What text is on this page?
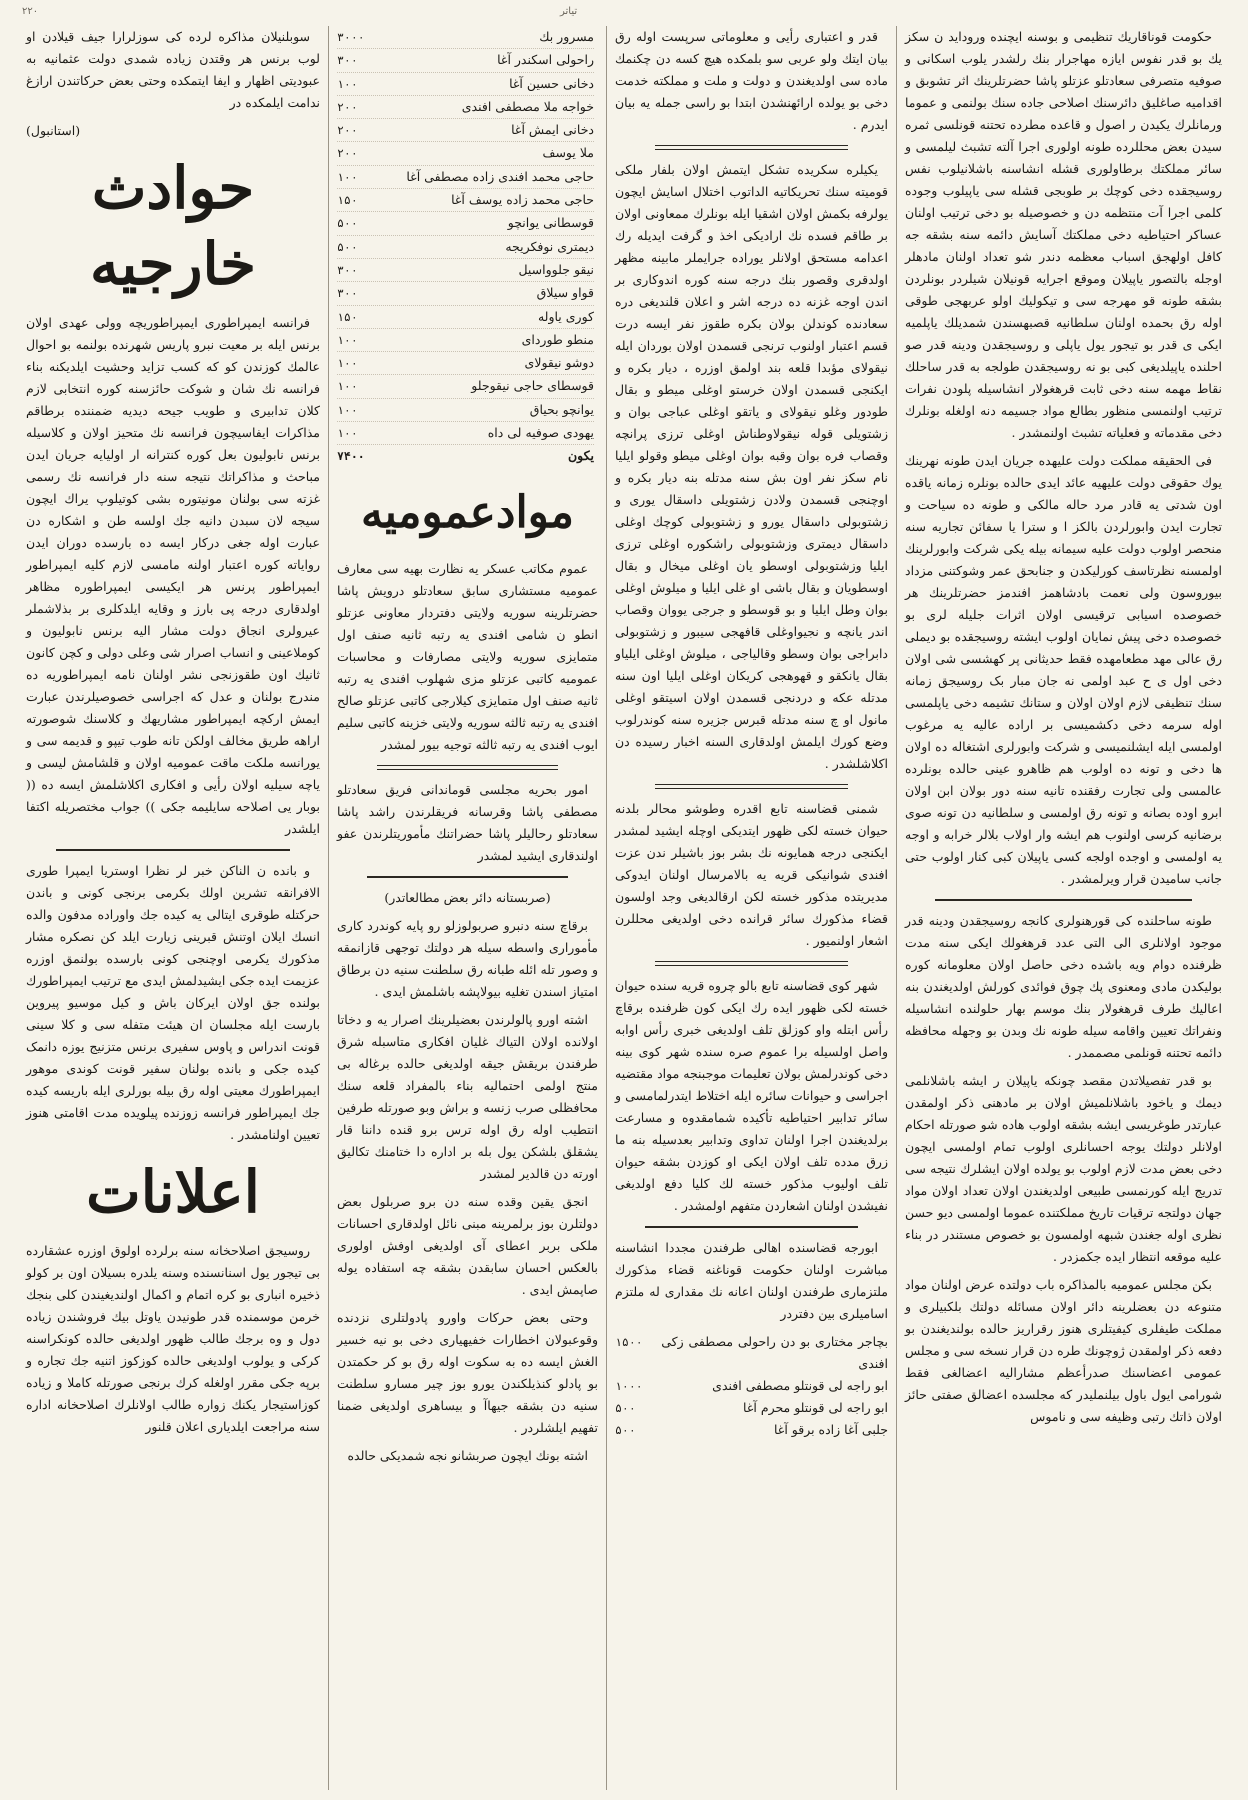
۲۲۰	تیاتر

حکومت قوناقاریك تنظیمی و بوسنه ایچنده وروداید ن سکز یك بو قدر نفوس ایازه مهاجرار بنك رلشدر یلوب اسکانی و صوفیه متصرفی سعادتلو عزتلو پاشا حضرتلرینك اثر تشوبق و اقدامیه صاغلیق دائرسنك اصلاحی جاده سنك بولنمی و عموما ورمانلرك یکیدن ر اصول و قاعده مطرده تحتنه قونلسی ثمره سیدن بعض محللرده طونه اولوری اجرا آلته تشبث لیلمسی و سائر مملکتك برطاولوری قشله انشاسنه باشلانیلوب نفس روسیجقده دخی کوچك بر طوبجی قشله سی یاپیلوب وجوده کلمی اجرا آت منتظمه دن و خصوصیله بو دخی ترتیب اولنان عساکر احتیاطیه دخی مملکتك آسایش دائمه سنه بشقه جه کافل اولهجق اسباب معظمه دندر شو تعداد اولنان مادهلر اوجله بالتصور یاپیلان وموقع اجرایه قونیلان شیلردر بونلردن بشقه طونه قو مهرجه سی و تیکولیك اولو عربهجی طوقی اوله رق بحمده اولنان سلطانیه قصبهسندن شمدیلك یاپلمیه ایکی ی قدر بو تیجور یول یاپلی و روسیجقدن ودینه قدر صو احلنده یاپیلدیغی کبی بو نه روسیجقدن طولجه به قدر ساحلك نقاط مهمه سنه دخی ثابت قرهغولار انشاسیله پلودن نفرات ترتیب اولنمسی منظور بطالع مواد جسیمه دنه اولغله بونلرك دخی مقدماته و فعلیاته تشبث اولنمشدر .

فی الحقیقه مملکت دولت علیهده جریان ایدن طونه نهرینك یوك حقوقی دولت علیهیه عائد ایدی حالده بونلره زمانه یاقده اون شدتی یه قادر مرد حاله مالکی و طونه ده سیاحت و تجارت ایدن وابورلردن بالکز ا و سترا یا سفائن تجاریه سنه منحصر اولوب دولت علیه سیمانه بیله یکی شرکت وابورلرینك اولمسنه نظرتاسف کورلیکدن و جنابحق عمر وشوکتنی مزداد بیوروسون ولی نعمت بادشاهمز افندمز حضرتلرینك هر خصوصده اسیابی ترقیسی اولان اثرات جلیله لری بو خصوصده دخی پیش نمایان اولوب ایشته روسیجقده بو دیملی رق عالی مهد مطعامهده فقط حدیثانی پر کهشسی شی اولان دخی اول ی ح عبد اولمی نه جان مبار بک روسیجق زمانه سنك تنظیفی لازم اولان اولان و ستانك تشیمه دخی یاپلمسی اوله سرمه دخی دکشمیسی بر اراده عالیه یه مرغوب اولمسی ایله ایشلنمیسی و شرکت وابورلری اشتغاله ده اولان ها دخی و تونه ده اولوب هم ظاهرو عینی حالده بونلرده عالمسی ولی تجارت رفقنده تانیه سنه دور بولان ابن اولان ابرو اوده بصانه و تونه رق اولمسی و سلطانیه دن تونه صوی برضانیه کرسی اولنوب هم ایشه وار اولاب بلالر خرابه و اوجه یه اولمسی و اوجده اولجه کسی یاپیلان کبی کنار اولوب حتی جانب سامیدن قرار ویرلمشدر .

طونه ساحلنده کی قورهنولری کانجه روسیجقدن ودینه قدر موجود اولانلری الی التی عدد قرهغولك ایکی سنه مدت ظرفنده دوام ویه باشده دخی حاصل اولان معلومانه کوره بولیکدن مادی ومعنوی پك چوق فوائدی کورلش اولدیغندن بنه اعالیك طرف قرهغولار بنك موسم بهار حلولنده انشاسیله ونفراتك تعیین واقامه سیله طونه نك وبدن بو وجهله محافظه دائمه تحتنه قونلمی مصممدر .

بو قدر تفصیلاتدن مقصد چونکه یاپیلان ر ایشه باشلانلمی دیمك و یاخود باشلانلمیش اولان بر مادهنی ذکر اولمقدن عبارتدر طوغریسی ایشه بشقه اولوب هاده شو صورتله احکام اولانلر دولتك یوجه احسانلری اولوب تمام اولمسی ایچون دخی بعض مدت لازم اولوب بو یولده اولان ایشلرك نتیجه سی تدریج ایله کورنمسی طبیعی اولدیغندن اولان تعداد اولان مواد جهان دولتجه ترقیات تاریخ مملکتنده عموما اولمسی دیو حسن نظری اوله جغندن شبهه اولمسون بو خصوص مستندر در بناء علیه موقعه انتظار ایده جکمزدر .

بکن مجلس عمومیه بالمذاکره باب دولتده عرض اولنان مواد متنوعه دن بعضلرینه دائر اولان مسائله دولتك بلکبیلری و مملکت طیفلری کیفیتلری هنوز رقراریز حالده بولندیغندن بو دفعه ذکر اولمقدن ژوچونك طره دن قرار نسخه سی و مجلس عمومی اعضاسنك صدرأعظم مشارالیه اعضالغی فقط شورامی ایول باول بیلنملیدر که مجلسده اعضالق صفتی حائز اولان ذاتك رتبی وظیفه سی و ناموس

قدر و اعتباری رأیی و معلوماتی سرپست اوله رق بیان ایتك ولو عربی سو بلمکده هیچ کسه دن چکنمك ماده سی اولدیغندن و دولت و ملت و مملکته خدمت دخی بو یولده ارائهنشدن ابتدا بو راسی جمله یه بیان ایدرم .

یکیلره سکریده تشکل ایتمش اولان بلفار ملکی قومیته سنك تحریکاتیه الداتوب اختلال اسایش ایچون یولرفه بکمش اولان اشقیا ایله بونلرك ممعاونی اولان بر طاقم فسده نك ارادیکی اخذ و گرفت ایدیله رك اعدامه مستحق اولانلر یوراده جرایملر مابینه مظهر اولدقری وقصور بنك درجه سنه کوره اندوکاری بر اندن اوجه غزنه ده درجه اشر و اعلان قلندیغی دره سعادنده کوندلن بولان بکره طقوز نفر ایسه درت قسم اعتبار اولنوب ترنجی قسمدن اولان بوردان ایله نیقولای مؤبدا قلعه بند اولمق اوزره ، دیار بکره و ایکنجی قسمدن اولان خرستو اوغلی میطو و بقال طودور وغلو نیقولای و یاتقو اوغلی عباجی بوان و زشتویلی قوله نیقولاوطناش اوغلی ترزی پرانچه وقصاب فره بوان وقبه بوان اوغلی میطو وقولو ایلیا نام سکز نفر اون بش سنه مدتله بنه دیار بکره و اوچنجی قسمدن ولادن زشتویلی داسقال یوری و زشتوبولی داسقال یورو و زشتوبولی کوچك اوغلی داسقال دیمتری وزشتوبولی راشکوره اوغلی ترزی ایلیا وزشتوبولی اوسطو یان اوغلی میخال و بقال اوسطویان و بقال باشی او غلی ایلیا و میلوش اوغلی بوان وطل ایلیا و بو قوسطو و جرجی یووان وقصاب اندر یانچه و نجیواوغلی قافهجی سیبور و زشتوبولی دابراجی بوان وسطو وقالیاجی ، میلوش اوغلی ایلیاو بقال یانکقو و قهوهجی کریکان اوغلی ایلیا اون سنه مدتله عکه و دردنجی قسمدن اولان اسیتقو اوغلی مانول او چ سنه مدتله قبرس جزیره سنه کوندرلوب وضع کورك ایلمش اولدقاری السنه اخبار رسیده دن اکلاشلشدر .

شمنی قضاسنه تابع اقدره وطوشو محالر بلدنه حیوان خسته لکی ظهور ایتدیکی اوچله ایشید لمشدر ایکنجی درجه همایونه نك بشر بوز باشیلر ندن عزت افندی شوانیکی قریه یه بالامرسال اولنان ایدوكی مدیریتده مذکور خسته لکن ارقالدیغی وجد اولسون قضاء مذکورك سائر قرانده دخی اولدیغی محللرن اشعار اولنمیور .

شهر کوی قضاسنه تابع بالو چروه قریه سنده حیوان خسته لکی ظهور ایده رك ایکی کون ظرفنده برقاچ رأس ابتله واو کوزلق تلف اولدیغی خبری رأس اوابه واصل اولسیله برا عموم صره سنده شهر کوی بینه دخی کوندرلمش بولان تعلیمات موجبنجه مواد مقتضیه اجراسی و حیوانات سائره ایله اختلاط ایتدرلمامسی و سائر تدابیر احتیاطیه تأکیده شمامقدوه و مسارعت برلدیغندن اجرا اولنان تداوی وتدابیر بعدسیله بنه ما زرق مدده تلف اولان ایکی او کوزدن بشقه حیوان تلف اولیوب مذکور خسته لك کلیا دفع اولدیغی نفیشدن اولنان اشعاردن متفهم اولمشدر .

ابورجه قضاسنده اهالی طرفندن مجددا انشاسنه مباشرت اولنان حکومت قوناغنه قضاء مذکورك ملتزماری طرفندن اولنان اعانه نك مقداری له ملتزم اسامیلری بین دفتردر

بچاجر مختاری بو دن راحولی مصطفی زکی افندی
۱۵۰۰
ابو راجه لی قونتلو مصطفی افندی
۱۰۰۰
ابو راجه لی قونتلو محرم آغا
۵۰۰
جلبی آغا زاده برقو آغا
۵۰۰
مسرور بك
۳۰۰۰
راحولی اسکندر آغا
۳۰۰
دخانی حسین آغا
۱۰۰
خواجه ملا مصطفی افندی
۲۰۰
دخانی ایمش آغا
۲۰۰
ملا یوسف
۲۰۰
حاجی محمد افندی زاده مصطفی آغا
۱۰۰
حاجی محمد زاده یوسف آغا
۱۵۰
قوسطانی یوانچو
۵۰۰
دیمتری نوفکریجه
۵۰۰
نیقو جلوواسیل
۳۰۰
قواو سیلاق
۳۰۰
کوری یاوله
۱۵۰
منطو طوردای
۱۰۰
دوشو نیقولای
۱۰۰
قوسطای حاجی نیقوجلو
۱۰۰
یوانچو بحیاق
۱۰۰
یهودی صوفیه لی داه
۱۰۰
یکون
۷۴۰۰
موادعمومیه

عموم مکاتب عسکر یه نظارت بهیه سی معارف عمومیه مستشاری سابق سعادتلو درویش پاشا حضرتلرینه سوریه ولایتی دفتردار معاونی عزتلو انطو ن شامی افندی یه رتبه ثانیه صنف اول متمایزی سوریه ولایتی مصارفات و محاسبات عمومیه کاتبی عزتلو مزی شهلوب افندی یه رتبه ثانیه صنف اول متمایزی کیلارجی کاتبی عزتلو صالح افندی یه رتبه ثالثه سوریه ولایتی خزینه کاتبی سلیم ایوب افندی یه رتبه ثالثه توجیه بیور لمشدر

امور بحریه مجلسی قوماندانی فریق سعادتلو مصطفی پاشا وقرسانه فریقلرندن راشد پاشا سعادتلو رحالیلر پاشا حضراتنك مأموریتلرندن عفو اولندقاری ایشید لمشدر

(صربستانه دائر بعض مطالعاتدر)

برقاچ سنه دنبرو صربولوزلو رو پایه کوندرد کاری مأموراری واسطه سیله هر دولتك توجهی قازانمقه و وصور تله ائله طبانه رق سلطنت سنیه دن برطاق امتیاز اسندن تغلیه بیولاپشه باشلمش ایدی .

اشته اورو پالولرندن بعضیلرینك اصرار یه و دخاتا اولانده اولان التیاك غلیان افکاری متاسبله شرق طرفندن بریقش جیقه اولدیغی حالده برغاله بی منتج اولمی احتمالیه بناء بالمفراد قلعه سنك محافظلی صرب زنسه و براش وبو صورتله طرفین انتطیب اوله رق اوله ترس برو قنده داننا قار یشقلق بلشکن یول بله بر اداره دا ختامنك تکالیق اورته دن قالدیر لمشدر

انجق یقین وقده سنه دن برو صربلول بعض دولتلرن بوز برلمرینه مبنی نائل اولدقاری احسانات ملکی بربر اعطای آی اولدیغی اوفش اولوری بالعکس احسان سابقدن بشقه چه استفاده یوله صاپمش ایدی .

وحتی بعض حرکات واورو پادولتلری نزدنده وقوعبولان اخطارات خفیهیاری دخی بو نیه خسیر الغش ایسه ده به سکوت اوله رق بو کر حکمتدن بو پادلو کنذیلکندن یورو بوز چیر مسارو سلطنت سنیه دن بشقه جیهاآ و بیساهری اولدیغی ضمنا تفهیم ایلشلردر .

اشته بونك ایچون صربشانو نجه شمدیکی حالده

سوبلنیلان مذاکره لرده کی سوزلرارا جیف قیلادن او لوب برنس هر وقتدن زیاده شمدی دولت عثمانیه به عبودیتی اظهار و ایفا ایتمکده وحتی بعض حرکاتندن ارازغ ندامت ایلمکده در

(استانبول)
حوادث خارجیه

فرانسه ایمپراطوری ایمپراطوریچه وولی عهدی اولان برنس ایله بر معیت نبرو پاریس شهرنده بولنمه بو احوال عالمك کوزندن کو که کسب تزاید وحشیت ایلدیکنه بناء فرانسه نك شان و شوکت حائزسنه کوره انتخابی لازم کلان تدابیری و طویب جیحه دیدیه ضمننده برطاقم مذاکرات ایفاسیچون فرانسه نك متحیز اولان و کلاسیله برنس نابولیون بعل کوره کنترانه ار اولیایه جریان ایدن مباحث و مذاکراتك نتیجه سنه دار فرانسه نك رسمی غزته سی بولنان مونیتوره بشی کوتیلوپ یراك ایچون سیجه لان سبدن دانیه جك اولسه طن و اشکاره دن عبارت اوله جغی درکار ایسه ده بارسده دوران ایدن روایاته کوره اعتبار اولنه مامسی لازم کلیه ایمپراطور ایمپراطور پرنس هر ایکیسی ایمپراطوره مظاهر اولدقاری درجه پی بارز و وقایه ایلدکلری بر بذلاشملر عیرولری انجاق دولت مشار الیه برنس نابولیون و کوملاعینی و انساب اصرار شی وعلی دولی و کچن کانون ثانیك اون طقوزنجی نشر اولنان نامه ایمپراطوریه ده مندرج بولنان و عدل که اجراسی خصوصیلرندن عبارت ایمش ارکچه ایمپراطور مشاریهك و کلاسنك شوصورته اراهه طریق مخالف اولکن تانه طوب تیپو و قدیمه سی و یورانسه ملکت ماقت عمومیه اولان و قلشامش لیسی و یاچه سیلیه اولان رأیی و افکاری اکلاشلمش ایسه ده (( بوبار یی اصلاحه سایلیمه جکی )) جواب مختصریله اکتفا ایلشدر

و بانده ن الناکن خبر لر نظرا اوستریا ایمپرا طوری الافرانقه تشرین اولك بکرمی برنجی کونی و باندن حرکتله طوقری ایتالی یه کیده جك واوراده مدفون والده انسك ایلان اوتنش قبرینی زیارت ایلد کن نصکره مشار مذکورك یکرمی اوچنجی کونی بارسده بولنمق اوزره عزیمت ایده جکی ایشیدلمش ایدی مع ترتیب ایمپراطورك بولنده جق اولان ایرکان باش و کیل موسیو پیروین بارست ایله مجلسان ان هیئت متفله سی و کلا سینی قونت اندراس و پاوس سفیری برنس متزنیج یوزه دانمک کیده جکی و بانده بولنان سفیر قونت کوندی موهور ایمپراطورك معیتی اوله رق بیله بورلری ایله باریسه کیده جك ایمپراطور فرانسه زوزنده پیلویده مدت اقامتی هنوز تعیین اولنامشدر .

اعلانات

روسیجق اصلاحخانه سنه برلرده اولوق اوزره عشقارده بی تیجور یول اسنانسنده وسنه یلدره بسیلان اون بر کولو ذخیره انباری بو کره اتمام و اکمال اولندیغیندن کلی بنجك خرمن موسمنده قدر طونیدن یاوتل بیك فروشندن زیاده دول و وه برجك طالب ظهور اولدیغی حالده کونكراسنه کرکی و یولوب اولدیغی حالده کوزکوز اتنیه جك تجاره و برپه جکی مقرر اولغله کرك برنجی صورتله کاملا و زیاده کوزاستیجار یکنك زواره طالب اولانلرك اصلاحخانه اداره سنه مراجعت ایلدیاری اعلان قلنور
